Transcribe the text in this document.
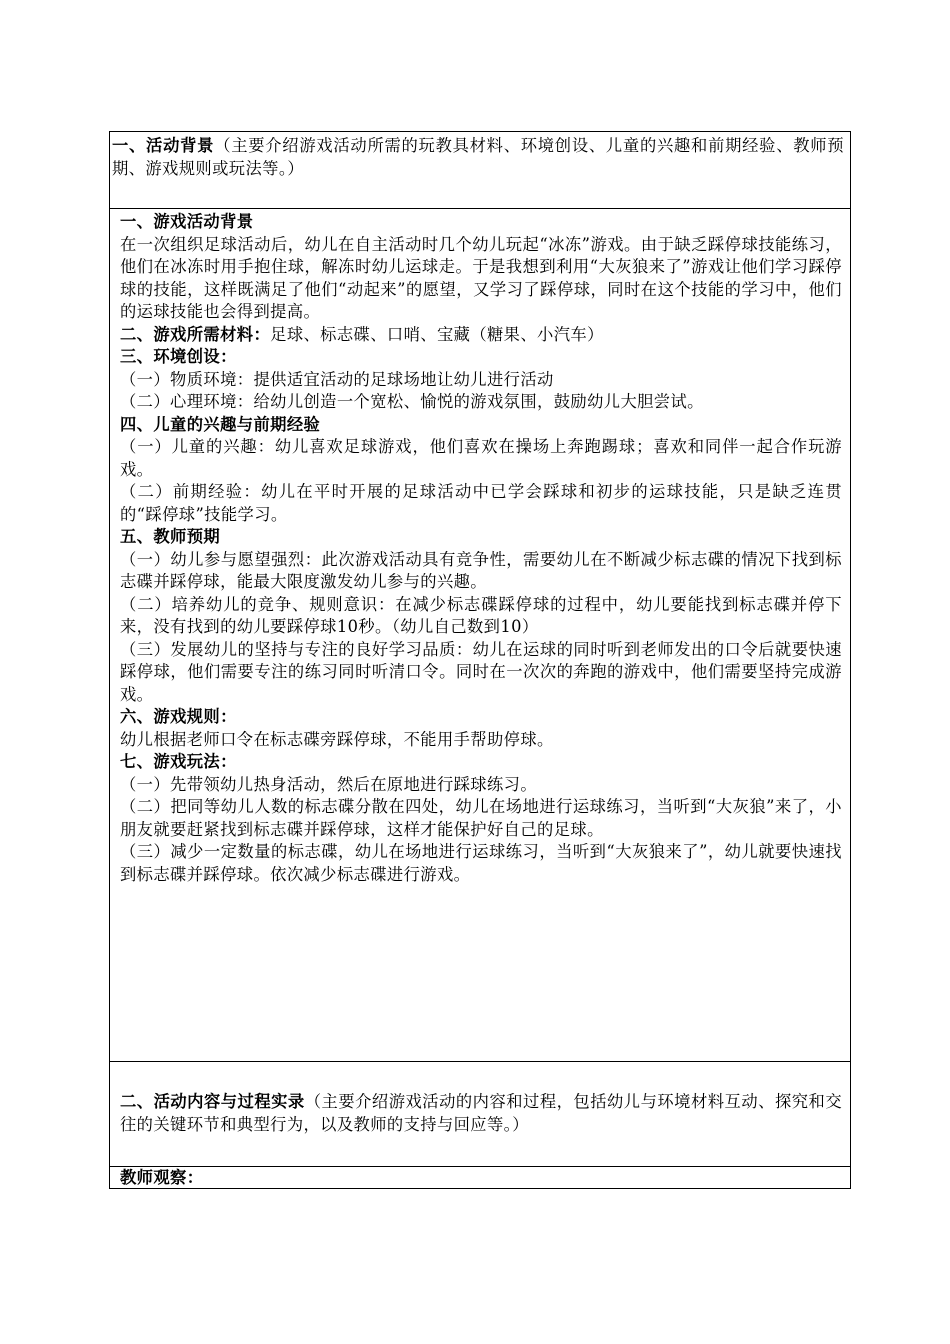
一、活动背景（主要介绍游戏活动所需的玩教具材料、环境创设、儿童的兴趣和前期经验、教师预期、游戏规则或玩法等。）

一、游戏活动背景

在一次组织足球活动后，幼儿在自主活动时几个幼儿玩起“冰冻”游戏。由于缺乏踩停球技能练习，他们在冰冻时用手抱住球，解冻时幼儿运球走。于是我想到利用“大灰狼来了”游戏让他们学习踩停球的技能，这样既满足了他们“动起来”的愿望，又学习了踩停球，同时在这个技能的学习中，他们的运球技能也会得到提高。

二、游戏所需材料：足球、标志碟、口哨、宝藏（糖果、小汽车）

三、环境创设：

（一）物质环境：提供适宜活动的足球场地让幼儿进行活动

（二）心理环境：给幼儿创造一个宽松、愉悦的游戏氛围，鼓励幼儿大胆尝试。

四、儿童的兴趣与前期经验

（一）儿童的兴趣：幼儿喜欢足球游戏，他们喜欢在操场上奔跑踢球；喜欢和同伴一起合作玩游戏。

（二）前期经验：幼儿在平时开展的足球活动中已学会踩球和初步的运球技能，只是缺乏连贯的“踩停球”技能学习。

五、教师预期

（一）幼儿参与愿望强烈：此次游戏活动具有竞争性，需要幼儿在不断减少标志碟的情况下找到标志碟并踩停球，能最大限度激发幼儿参与的兴趣。

（二）培养幼儿的竞争、规则意识：在减少标志碟踩停球的过程中，幼儿要能找到标志碟并停下来，没有找到的幼儿要踩停球10秒。（幼儿自己数到10）

（三）发展幼儿的坚持与专注的良好学习品质：幼儿在运球的同时听到老师发出的口令后就要快速踩停球，他们需要专注的练习同时听清口令。同时在一次次的奔跑的游戏中，他们需要坚持完成游戏。

六、游戏规则：

幼儿根据老师口令在标志碟旁踩停球，不能用手帮助停球。

七、游戏玩法：

（一）先带领幼儿热身活动，然后在原地进行踩球练习。

（二）把同等幼儿人数的标志碟分散在四处，幼儿在场地进行运球练习，当听到“大灰狼”来了，小朋友就要赶紧找到标志碟并踩停球，这样才能保护好自己的足球。

（三）减少一定数量的标志碟，幼儿在场地进行运球练习，当听到“大灰狼来了”，幼儿就要快速找到标志碟并踩停球。依次减少标志碟进行游戏。

二、活动内容与过程实录（主要介绍游戏活动的内容和过程，包括幼儿与环境材料互动、探究和交往的关键环节和典型行为，以及教师的支持与回应等。）

教师观察：
